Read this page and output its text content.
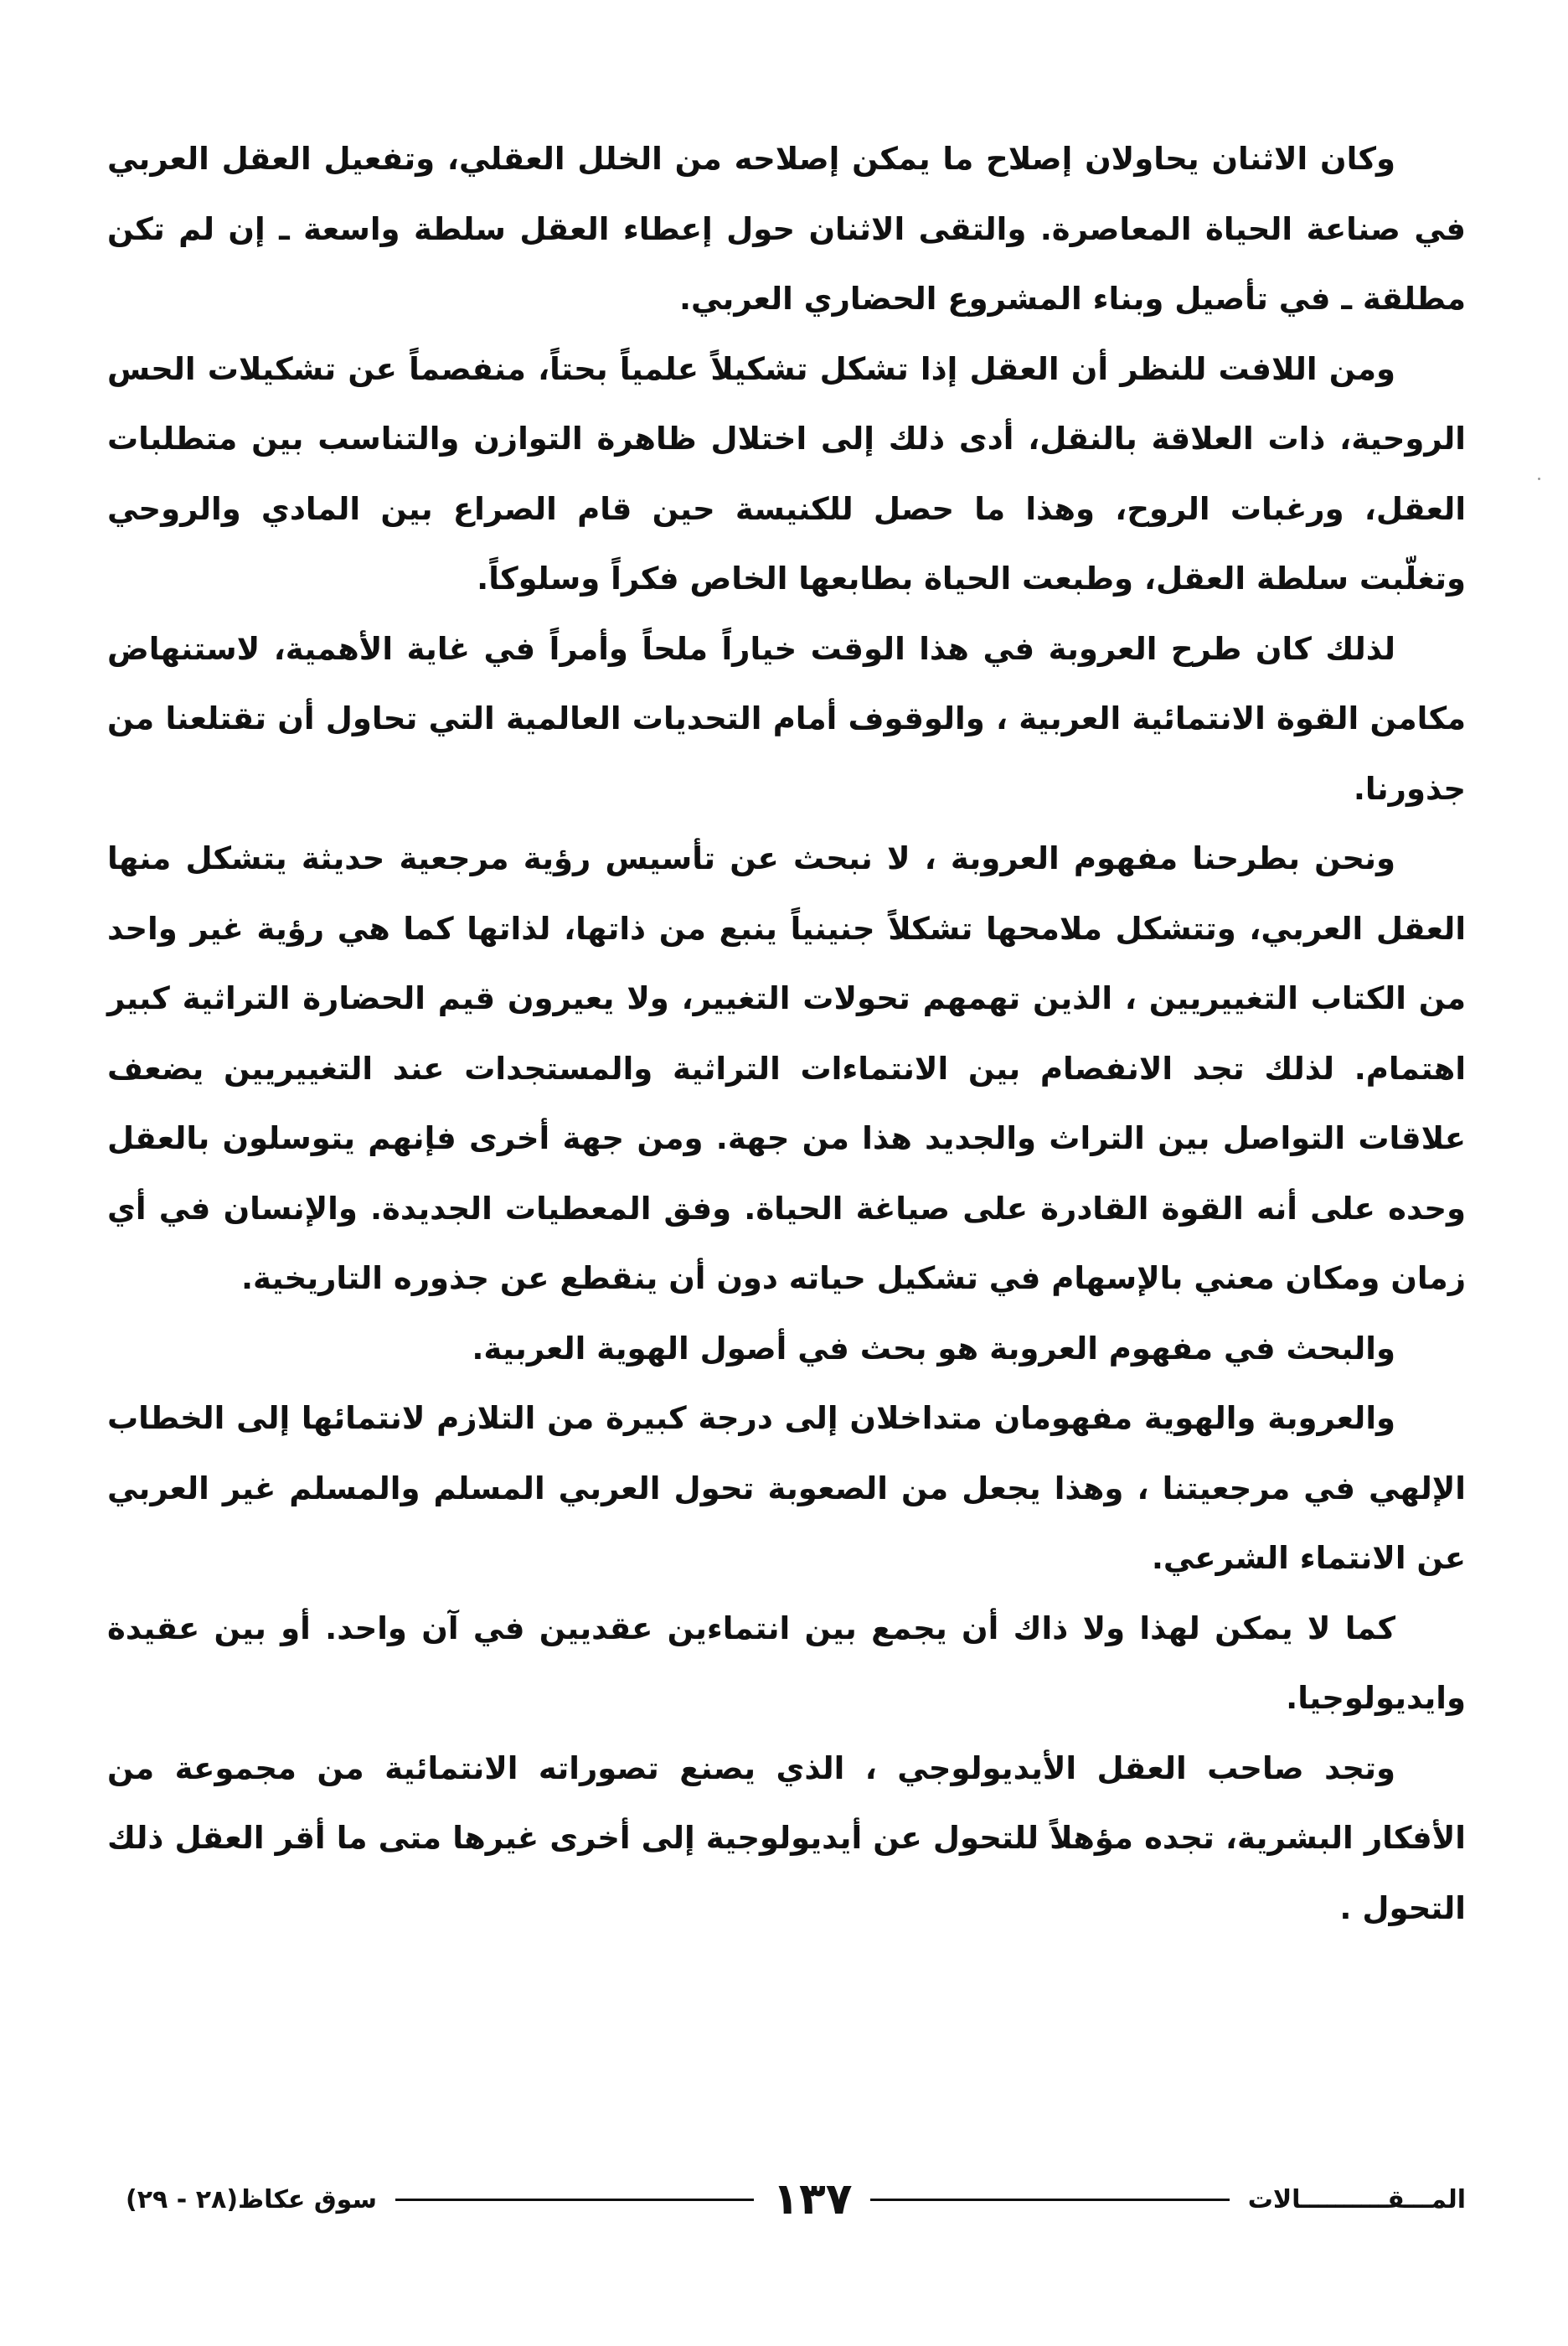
وكان الاثنان يحاولان إصلاح ما يمكن إصلاحه من الخلل العقلي، وتفعيل العقل العربي في صناعة الحياة المعاصرة. والتقى الاثنان حول إعطاء العقل سلطة واسعة ـ إن لم تكن مطلقة ـ في تأصيل وبناء المشروع الحضاري العربي.

ومن اللافت للنظر أن العقل إذا تشكل تشكيلاً علمياً بحتاً، منفصماً عن تشكيلات الحس الروحية، ذات العلاقة بالنقل، أدى ذلك إلى اختلال ظاهرة التوازن والتناسب بين متطلبات العقل، ورغبات الروح، وهذا ما حصل للكنيسة حين قام الصراع بين المادي والروحي وتغلّبت سلطة العقل، وطبعت الحياة بطابعها الخاص فكراً وسلوكاً.

لذلك كان طرح العروبة في هذا الوقت خياراً ملحاً وأمراً في غاية الأهمية، لاستنهاض مكامن القوة الانتمائية العربية ، والوقوف أمام التحديات العالمية التي تحاول أن تقتلعنا من جذورنا.

ونحن بطرحنا مفهوم العروبة ، لا نبحث عن تأسيس رؤية مرجعية حديثة يتشكل منها العقل العربي، وتتشكل ملامحها تشكلاً جنينياً ينبع من ذاتها، لذاتها كما هي رؤية غير واحد من الكتاب التغييريين ، الذين تهمهم تحولات التغيير، ولا يعيرون قيم الحضارة التراثية كبير اهتمام. لذلك تجد الانفصام بين الانتماءات التراثية والمستجدات عند التغييريين يضعف علاقات التواصل بين التراث والجديد هذا من جهة. ومن جهة أخرى فإنهم يتوسلون بالعقل وحده على أنه القوة القادرة على صياغة الحياة. وفق المعطيات الجديدة. والإنسان في أي زمان ومكان معني بالإسهام في تشكيل حياته دون أن ينقطع عن جذوره التاريخية.

والبحث في مفهوم العروبة هو بحث في أصول الهوية العربية.

والعروبة والهوية مفهومان متداخلان إلى درجة كبيرة من التلازم لانتمائها إلى الخطاب الإلهي في مرجعيتنا ، وهذا يجعل من الصعوبة تحول العربي المسلم والمسلم غير العربي عن الانتماء الشرعي.

كما لا يمكن لهذا ولا ذاك أن يجمع بين انتماءين عقديين في آن واحد. أو بين عقيدة وايديولوجيا.

وتجد صاحب العقل الأيديولوجي ، الذي يصنع تصوراته الانتمائية من مجموعة من الأفكار البشرية، تجده مؤهلاً للتحول عن أيديولوجية إلى أخرى غيرها متى ما أقر العقل ذلك التحول .

المـــقــــــــــالات
١٣٧
سوق عكاظ(٢٨ - ٢٩)
